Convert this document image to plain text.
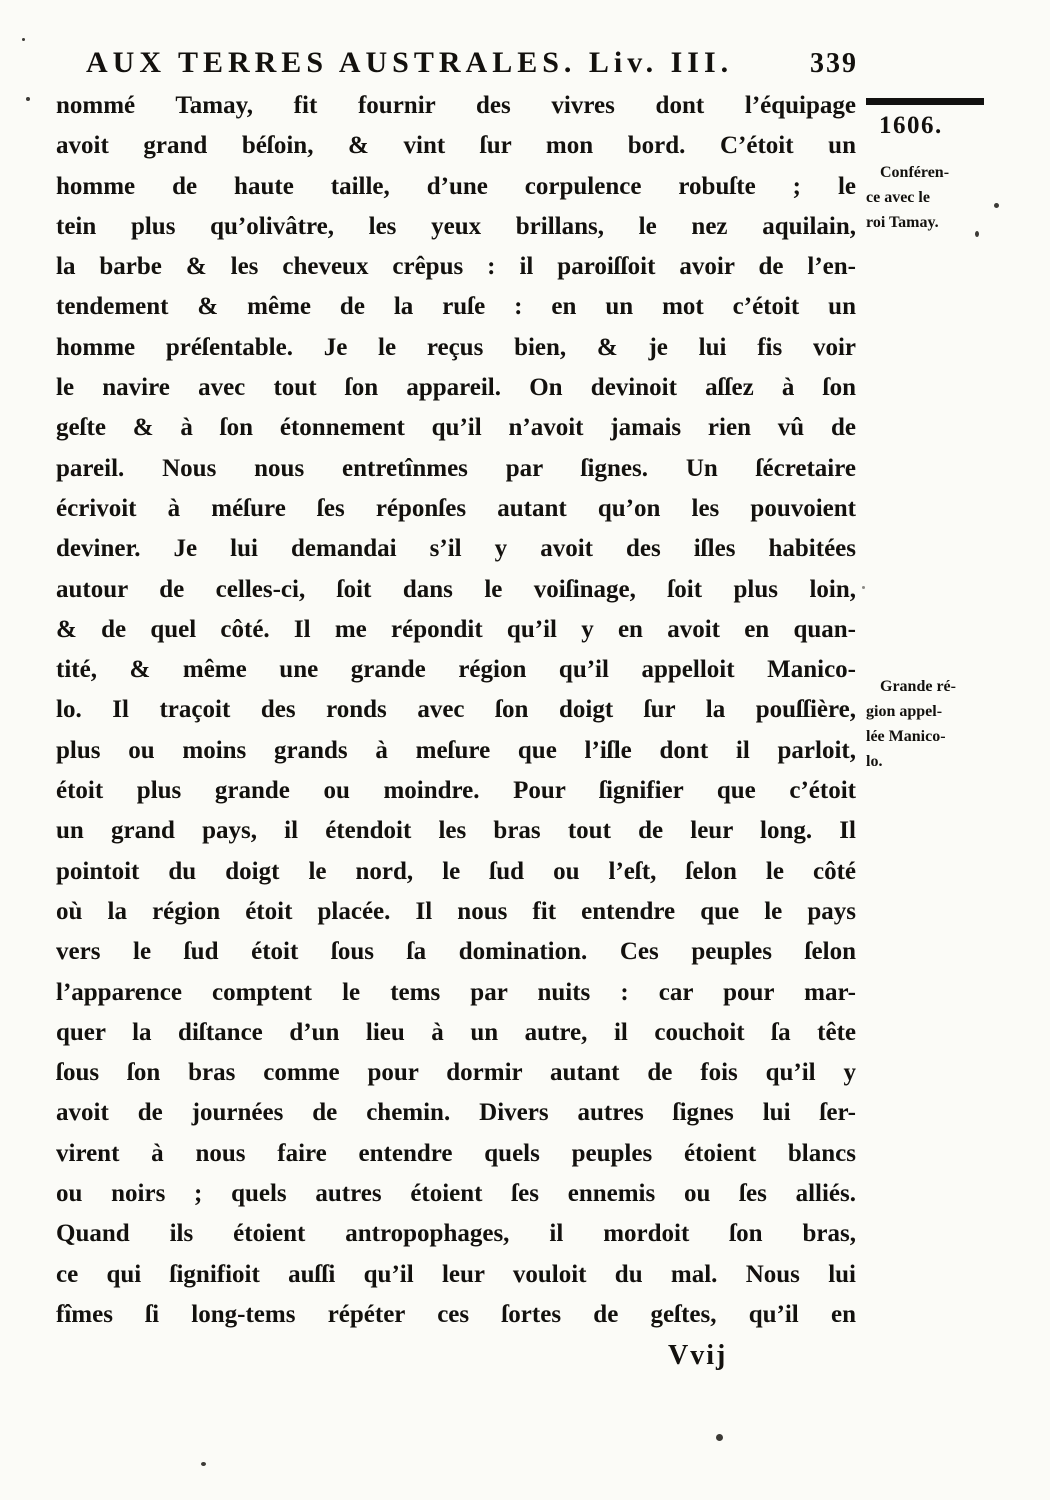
AUX TERRES AUSTRALES. Liv. III.	339
nommé Tamay, fit fournir des vivres dont l’équipage
avoit grand béſoin, & vint ſur mon bord. C’étoit un
homme de haute taille, d’une corpulence robuſte ; le
tein plus qu’olivâtre, les yeux brillans, le nez aquilain,
la barbe & les cheveux crêpus : il paroiſſoit avoir de l’en-
tendement & même de la ruſe : en un mot c’étoit un
homme préſentable. Je le reçus bien, & je lui fis voir
le navire avec tout ſon appareil. On devinoit aſſez à ſon
geſte & à ſon étonnement qu’il n’avoit jamais rien vû de
pareil. Nous nous entretînmes par ſignes. Un ſécretaire
écrivoit à méſure ſes réponſes autant qu’on les pouvoient
deviner. Je lui demandai s’il y avoit des iſles habitées
autour de celles-ci, ſoit dans le voiſinage, ſoit plus loin,
& de quel côté. Il me répondit qu’il y en avoit en quan-
tité, & même une grande région qu’il appelloit Manico-
lo. Il traçoit des ronds avec ſon doigt ſur la pouſſière,
plus ou moins grands à meſure que l’iſle dont il parloit,
étoit plus grande ou moindre. Pour ſignifier que c’étoit
un grand pays, il étendoit les bras tout de leur long. Il
pointoit du doigt le nord, le ſud ou l’eſt, ſelon le côté
où la région étoit placée. Il nous fit entendre que le pays
vers le ſud étoit ſous ſa domination. Ces peuples ſelon
l’apparence comptent le tems par nuits : car pour mar-
quer la diſtance d’un lieu à un autre, il couchoit ſa tête
ſous ſon bras comme pour dormir autant de fois qu’il y
avoit de journées de chemin. Divers autres ſignes lui ſer-
virent à nous faire entendre quels peuples étoient blancs
ou noirs ; quels autres étoient ſes ennemis ou ſes alliés.
Quand ils étoient antropophages, il mordoit ſon bras,
ce qui ſignifioit auſſi qu’il leur vouloit du mal. Nous lui
fîmes ſi long-tems répéter ces ſortes de geſtes, qu’il en
1606.
Conféren-
ce avec le
roi Tamay.
Grande ré-
gion appel-
lée Manico-
lo.
Vvij
